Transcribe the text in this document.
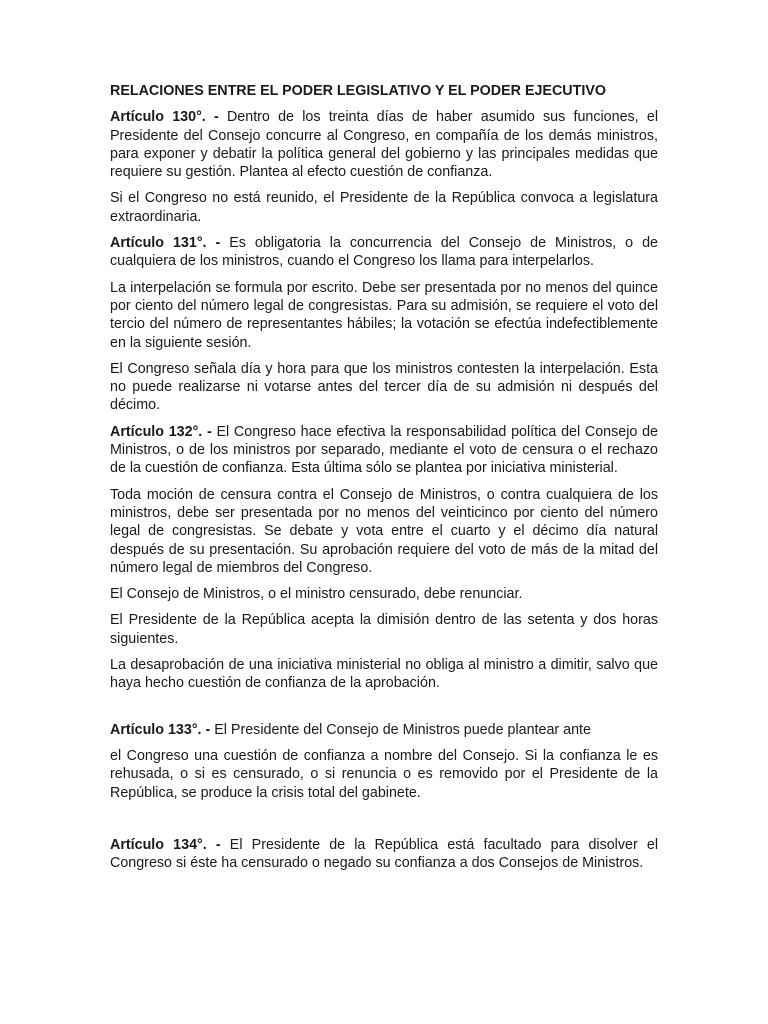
RELACIONES ENTRE EL PODER LEGISLATIVO Y EL PODER EJECUTIVO

Artículo 130°. - Dentro de los treinta días de haber asumido sus funciones, el Presidente del Consejo concurre al Congreso, en compañía de los demás ministros, para exponer y debatir la política general del gobierno y las principales medidas que requiere su gestión. Plantea al efecto cuestión de confianza.

Si el Congreso no está reunido, el Presidente de la República convoca a legislatura extraordinaria.

Artículo 131°. - Es obligatoria la concurrencia del Consejo de Ministros, o de cualquiera de los ministros, cuando el Congreso los llama para interpelarlos.

La interpelación se formula por escrito. Debe ser presentada por no menos del quince por ciento del número legal de congresistas. Para su admisión, se requiere el voto del tercio del número de representantes hábiles; la votación se efectúa indefectiblemente en la siguiente sesión.

El Congreso señala día y hora para que los ministros contesten la interpelación. Esta no puede realizarse ni votarse antes del tercer día de su admisión ni después del décimo.

Artículo 132°. - El Congreso hace efectiva la responsabilidad política del Consejo de Ministros, o de los ministros por separado, mediante el voto de censura o el rechazo de la cuestión de confianza. Esta última sólo se plantea por iniciativa ministerial.

Toda moción de censura contra el Consejo de Ministros, o contra cualquiera de los ministros, debe ser presentada por no menos del veinticinco por ciento del número legal de congresistas. Se debate y vota entre el cuarto y el décimo día natural después de su presentación. Su aprobación requiere del voto de más de la mitad del número legal de miembros del Congreso.

El Consejo de Ministros, o el ministro censurado, debe renunciar.

El Presidente de la República acepta la dimisión dentro de las setenta y dos horas siguientes.

La desaprobación de una iniciativa ministerial no obliga al ministro a dimitir, salvo que haya hecho cuestión de confianza de la aprobación.

Artículo 133°. - El Presidente del Consejo de Ministros puede plantear ante

el Congreso una cuestión de confianza a nombre del Consejo. Si la confianza le es rehusada, o si es censurado, o si renuncia o es removido por el Presidente de la República, se produce la crisis total del gabinete.

Artículo 134°. - El Presidente de la República está facultado para disolver el Congreso si éste ha censurado o negado su confianza a dos Consejos de Ministros.
